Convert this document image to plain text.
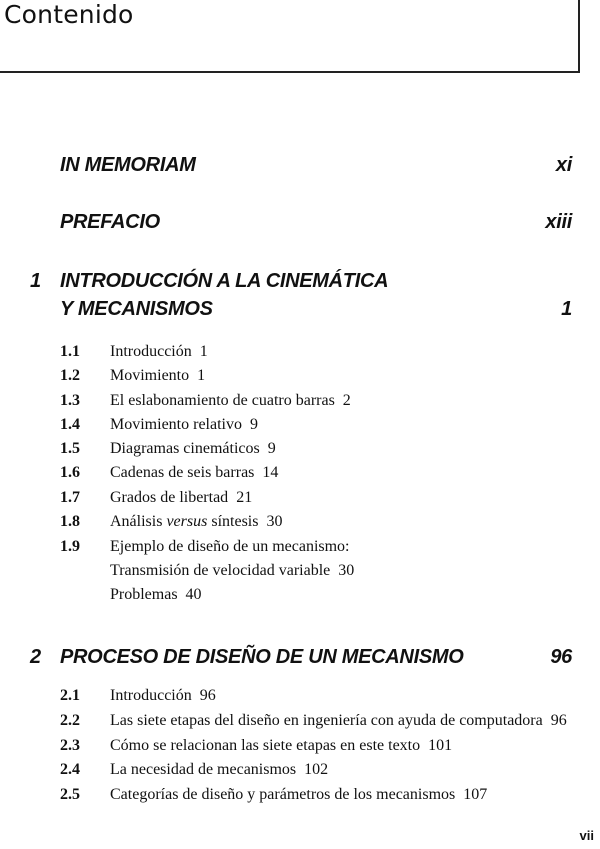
Contenido
IN MEMORIAM	xi
PREFACIO	xiii
1 INTRODUCCIÓN A LA CINEMÁTICA
Y MECANISMOS	1
1.1 Introducción 1
1.2 Movimiento 1
1.3 El eslabonamiento de cuatro barras 2
1.4 Movimiento relativo 9
1.5 Diagramas cinemáticos 9
1.6 Cadenas de seis barras 14
1.7 Grados de libertad 21
1.8 Análisis versus síntesis 30
1.9 Ejemplo de diseño de un mecanismo:
Transmisión de velocidad variable 30
Problemas 40
2 PROCESO DE DISEÑO DE UN MECANISMO	96
2.1 Introducción 96
2.2 Las siete etapas del diseño en ingeniería con ayuda de computadora 96
2.3 Cómo se relacionan las siete etapas en este texto 101
2.4 La necesidad de mecanismos 102
2.5 Categorías de diseño y parámetros de los mecanismos 107
vii
